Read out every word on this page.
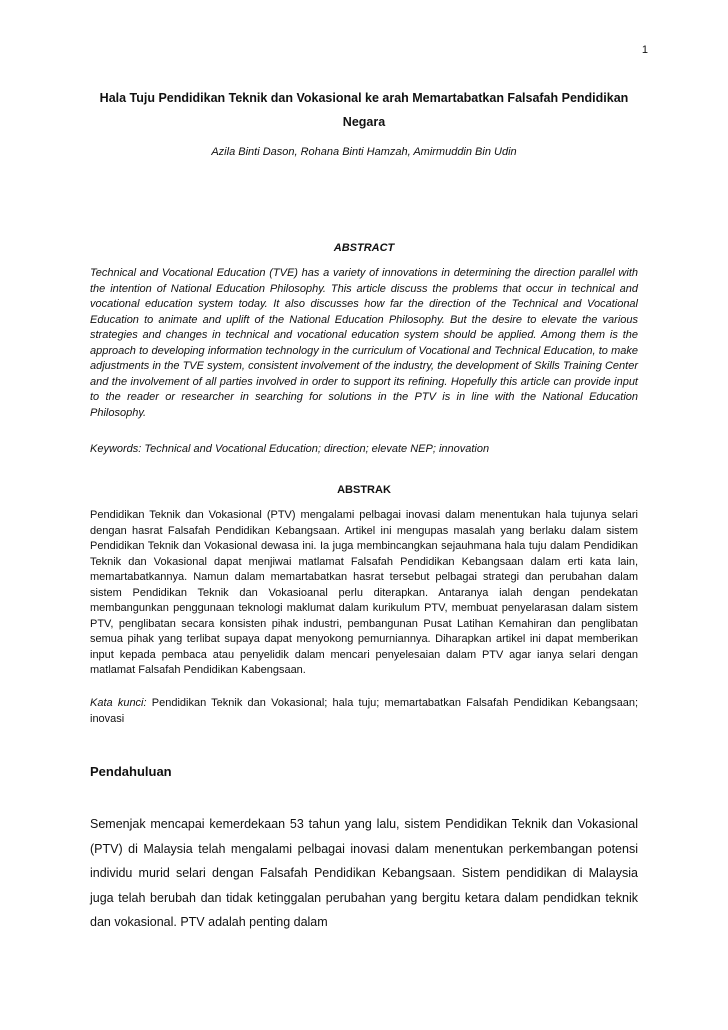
1
Hala Tuju Pendidikan Teknik dan Vokasional ke arah Memartabatkan Falsafah Pendidikan Negara
Azila Binti Dason, Rohana Binti Hamzah, Amirmuddin Bin Udin
ABSTRACT
Technical and Vocational Education (TVE) has a variety of innovations in determining the direction parallel with the intention of National Education Philosophy. This article discuss the problems that occur in technical and vocational education system today. It also discusses how far the direction of the Technical and Vocational Education to animate and uplift of the National Education Philosophy. But the desire to elevate the various strategies and changes in technical and vocational education system should be applied. Among them is the approach to developing information technology in the curriculum of Vocational and Technical Education, to make adjustments in the TVE system, consistent involvement of the industry, the development of Skills Training Center and the involvement of all parties involved in order to support its refining. Hopefully this article can provide input to the reader or researcher in searching for solutions in the PTV is in line with the National Education Philosophy.
Keywords: Technical and Vocational Education; direction; elevate NEP; innovation
ABSTRAK
Pendidikan Teknik dan Vokasional (PTV) mengalami pelbagai inovasi dalam menentukan hala tujunya selari dengan hasrat Falsafah Pendidikan Kebangsaan. Artikel ini mengupas masalah yang berlaku dalam sistem Pendidikan Teknik dan Vokasional dewasa ini. Ia juga membincangkan sejauhmana hala tuju dalam Pendidikan Teknik dan Vokasional dapat menjiwai matlamat Falsafah Pendidikan Kebangsaan dalam erti kata lain, memartabatkannya. Namun dalam memartabatkan hasrat tersebut pelbagai strategi dan perubahan dalam sistem Pendidikan Teknik dan Vokasioanal perlu diterapkan. Antaranya ialah dengan pendekatan membangunkan penggunaan teknologi maklumat dalam kurikulum PTV, membuat penyelarasan dalam sistem PTV, penglibatan secara konsisten pihak industri, pembangunan Pusat Latihan Kemahiran dan penglibatan semua pihak yang terlibat supaya dapat menyokong pemurniannya. Diharapkan artikel ini dapat memberikan input kepada pembaca atau penyelidik dalam mencari penyelesaian dalam PTV agar ianya selari dengan matlamat Falsafah Pendidikan Kabengsaan.
Kata kunci: Pendidikan Teknik dan Vokasional; hala tuju; memartabatkan Falsafah Pendidikan Kebangsaan; inovasi
Pendahuluan
Semenjak mencapai kemerdekaan 53 tahun yang lalu, sistem Pendidikan Teknik dan Vokasional (PTV) di Malaysia telah mengalami pelbagai inovasi dalam menentukan perkembangan potensi individu murid selari dengan Falsafah Pendidikan Kebangsaan. Sistem pendidikan di Malaysia juga telah berubah dan tidak ketinggalan perubahan yang bergitu ketara dalam pendidkan teknik dan vokasional. PTV adalah penting dalam
